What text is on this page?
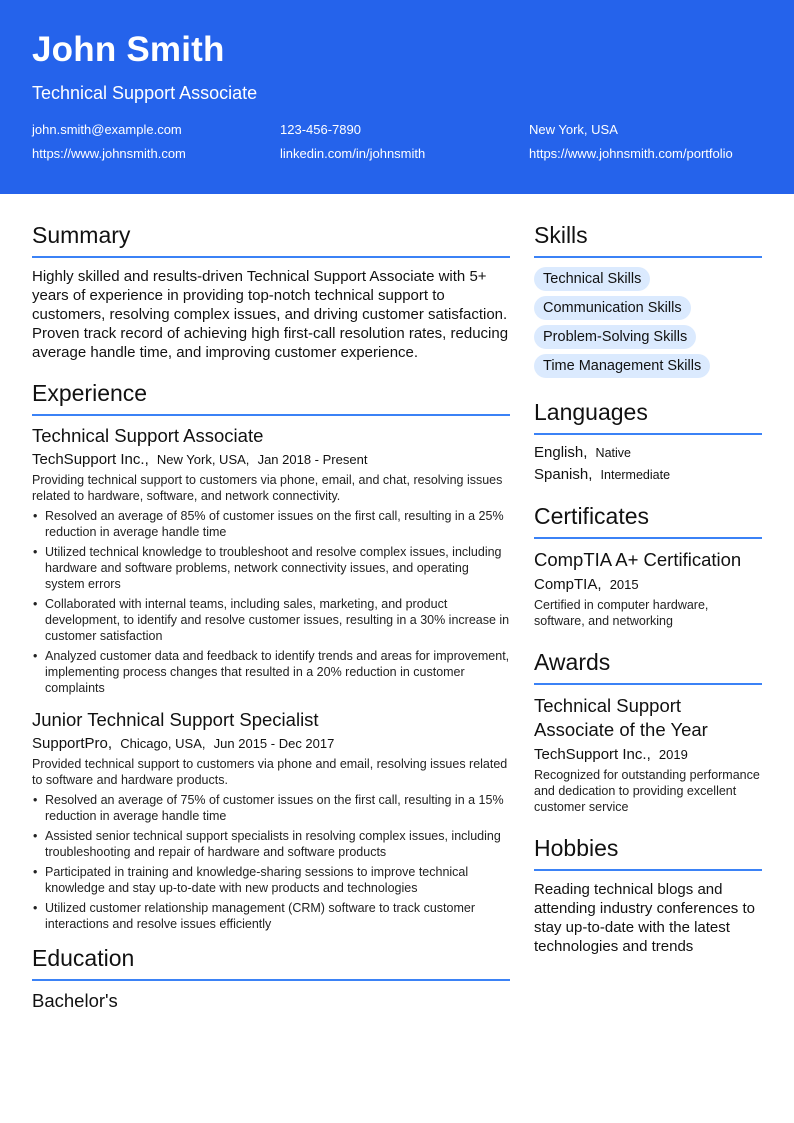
John Smith
Technical Support Associate
john.smith@example.com	123-456-7890	New York, USA
https://www.johnsmith.com	linkedin.com/in/johnsmith	https://www.johnsmith.com/portfolio
Summary

Highly skilled and results-driven Technical Support Associate with 5+ years of experience in providing top-notch technical support to customers, resolving complex issues, and driving customer satisfaction. Proven track record of achieving high first-call resolution rates, reducing average handle time, and improving customer experience.

Experience
Technical Support Associate
TechSupport Inc., New York, USA, Jan 2018 - Present
Providing technical support to customers via phone, email, and chat, resolving issues related to hardware, software, and network connectivity.
• Resolved an average of 85% of customer issues on the first call, resulting in a 25% reduction in average handle time
• Utilized technical knowledge to troubleshoot and resolve complex issues, including hardware and software problems, network connectivity issues, and operating system errors
• Collaborated with internal teams, including sales, marketing, and product development, to identify and resolve customer issues, resulting in a 30% increase in customer satisfaction
• Analyzed customer data and feedback to identify trends and areas for improvement, implementing process changes that resulted in a 20% reduction in customer complaints
Junior Technical Support Specialist
SupportPro, Chicago, USA, Jun 2015 - Dec 2017
Provided technical support to customers via phone and email, resolving issues related to software and hardware products.
• Resolved an average of 75% of customer issues on the first call, resulting in a 15% reduction in average handle time
• Assisted senior technical support specialists in resolving complex issues, including troubleshooting and repair of hardware and software products
• Participated in training and knowledge-sharing sessions to improve technical knowledge and stay up-to-date with new products and technologies
• Utilized customer relationship management (CRM) software to track customer interactions and resolve issues efficiently
Education
Bachelor's
Skills
Technical Skills
Communication Skills
Problem-Solving Skills
Time Management Skills
Languages
English, Native
Spanish, Intermediate
Certificates
CompTIA A+ Certification
CompTIA, 2015
Certified in computer hardware, software, and networking
Awards
Technical Support Associate of the Year
TechSupport Inc., 2019
Recognized for outstanding performance and dedication to providing excellent customer service
Hobbies

Reading technical blogs and attending industry conferences to stay up-to-date with the latest technologies and trends
